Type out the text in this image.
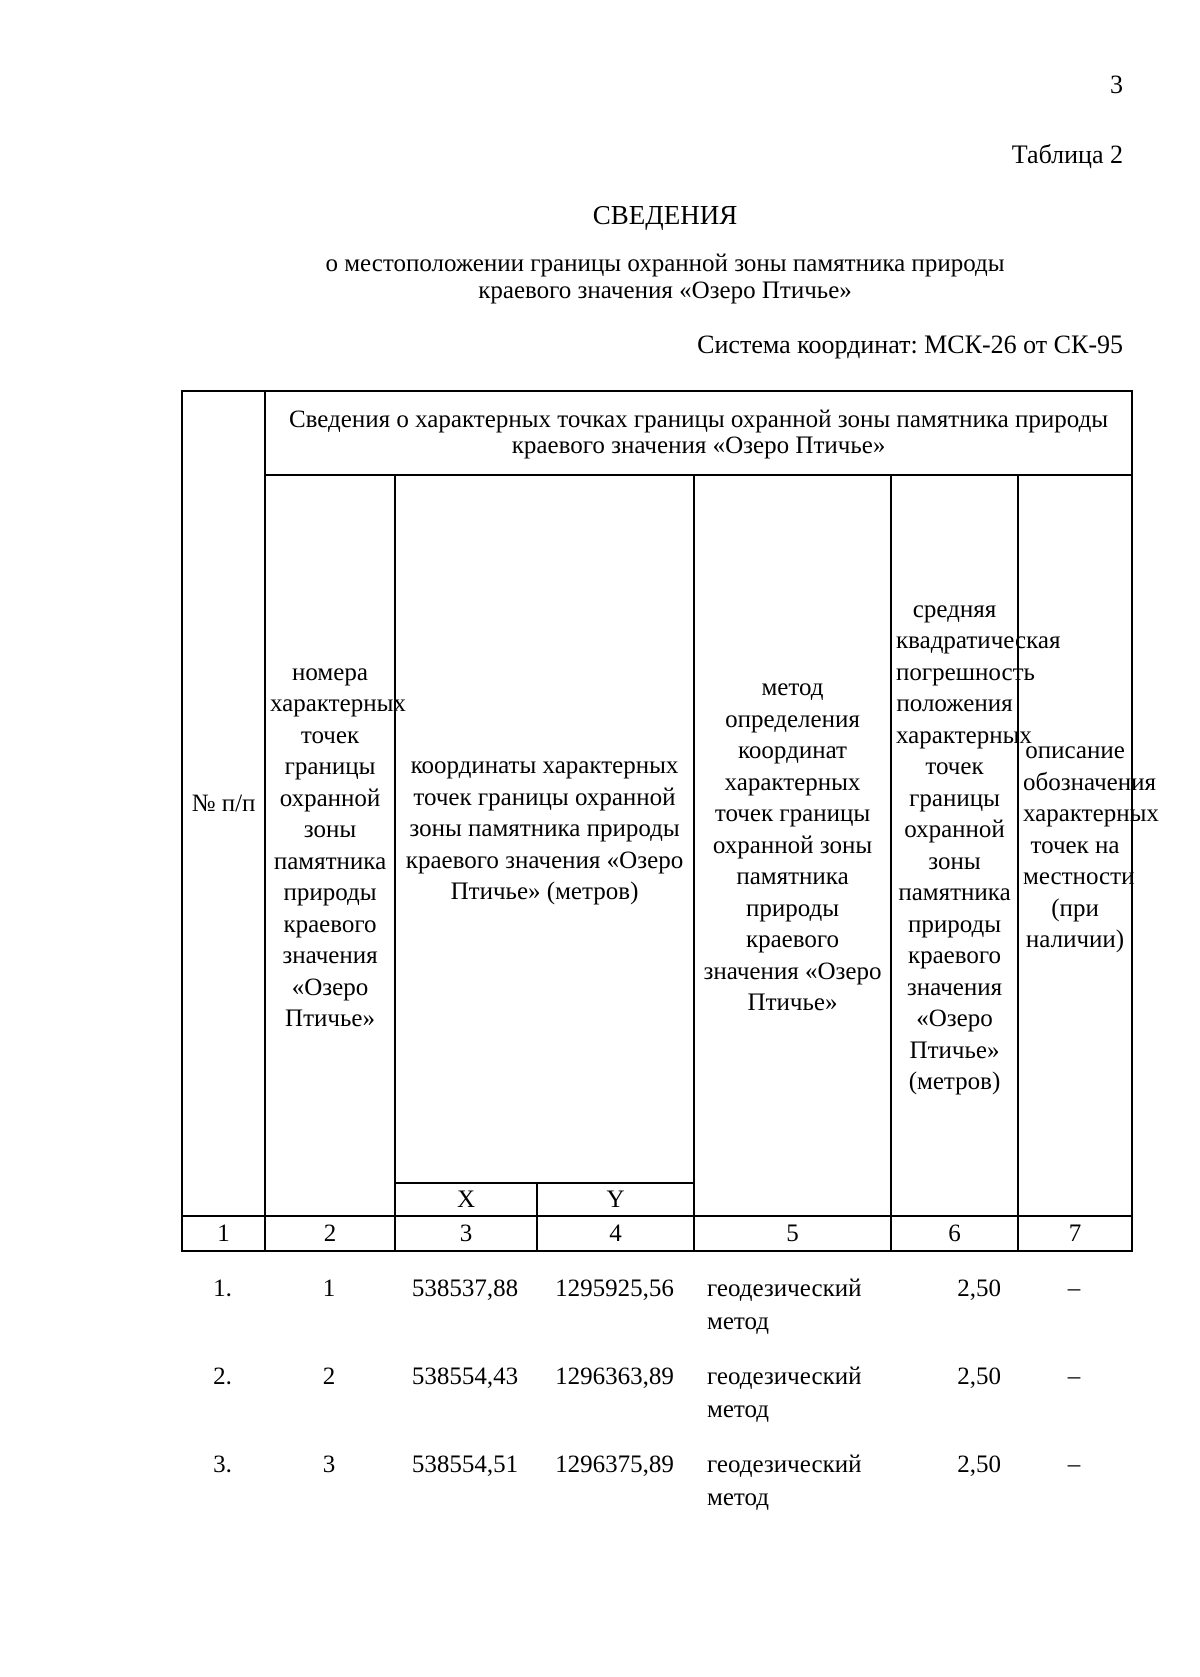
3
Таблица 2
СВЕДЕНИЯ
о местоположении границы охранной зоны памятника природы
краевого значения «Озеро Птичье»
Система координат: МСК-26 от СК-95
№ п/п	Сведения о характерных точках границы охранной зоны памятника природы краевого значения «Озеро Птичье»					
	номера характерных точек границы охранной зоны памятника природы краевого значения «Озеро Птичье»	координаты характерных точек границы охранной зоны памятника природы краевого значения «Озеро Птичье» (метров)		метод определения координат характерных точек границы охранной зоны памятника природы краевого значения «Озеро Птичье»	средняя квадратическая погрешность положения характерных точек границы охранной зоны памятника природы краевого значения «Озеро Птичье» (метров)	описание обозначения характерных точек на местности (при наличии)
		X	Y			
1	2	3	4	5	6	7
1.	1	538537,88	1295925,56	геодезический метод	2,50	–
2.	2	538554,43	1296363,89	геодезический метод	2,50	–
3.	3	538554,51	1296375,89	геодезический метод	2,50	–
